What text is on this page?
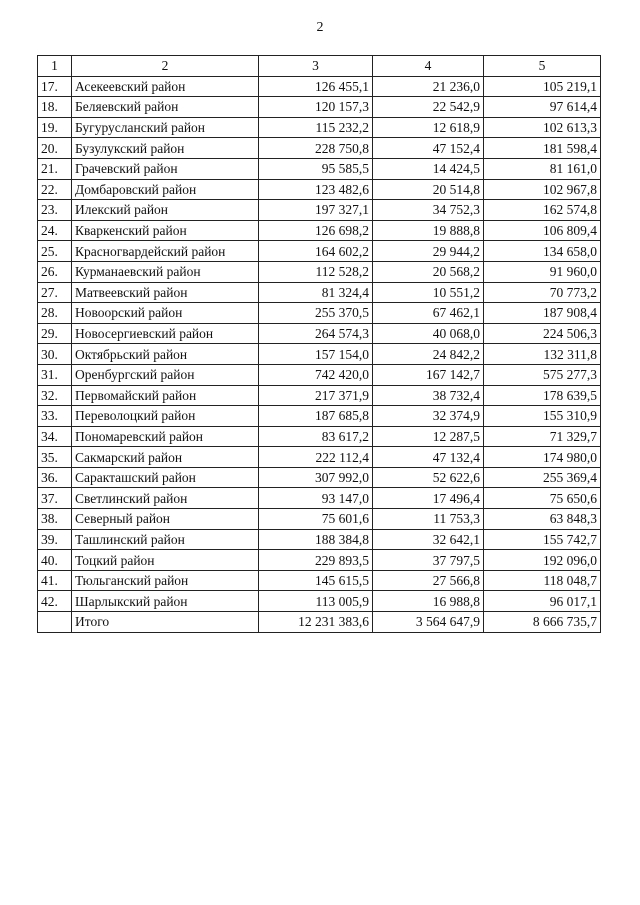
2
1	2	3	4	5
17.	Асекеевский район	126 455,1	21 236,0	105 219,1
18.	Беляевский район	120 157,3	22 542,9	97 614,4
19.	Бугурусланский район	115 232,2	12 618,9	102 613,3
20.	Бузулукский район	228 750,8	47 152,4	181 598,4
21.	Грачевский район	95 585,5	14 424,5	81 161,0
22.	Домбаровский район	123 482,6	20 514,8	102 967,8
23.	Илекский район	197 327,1	34 752,3	162 574,8
24.	Кваркенский район	126 698,2	19 888,8	106 809,4
25.	Красногвардейский район	164 602,2	29 944,2	134 658,0
26.	Курманаевский район	112 528,2	20 568,2	91 960,0
27.	Матвеевский район	81 324,4	10 551,2	70 773,2
28.	Новоорский район	255 370,5	67 462,1	187 908,4
29.	Новосергиевский район	264 574,3	40 068,0	224 506,3
30.	Октябрьский район	157 154,0	24 842,2	132 311,8
31.	Оренбургский район	742 420,0	167 142,7	575 277,3
32.	Первомайский район	217 371,9	38 732,4	178 639,5
33.	Переволоцкий район	187 685,8	32 374,9	155 310,9
34.	Пономаревский район	83 617,2	12 287,5	71 329,7
35.	Сакмарский район	222 112,4	47 132,4	174 980,0
36.	Саракташский район	307 992,0	52 622,6	255 369,4
37.	Светлинский район	93 147,0	17 496,4	75 650,6
38.	Северный район	75 601,6	11 753,3	63 848,3
39.	Ташлинский район	188 384,8	32 642,1	155 742,7
40.	Тоцкий район	229 893,5	37 797,5	192 096,0
41.	Тюльганский район	145 615,5	27 566,8	118 048,7
42.	Шарлыкский район	113 005,9	16 988,8	96 017,1
	Итого	12 231 383,6	3 564 647,9	8 666 735,7
